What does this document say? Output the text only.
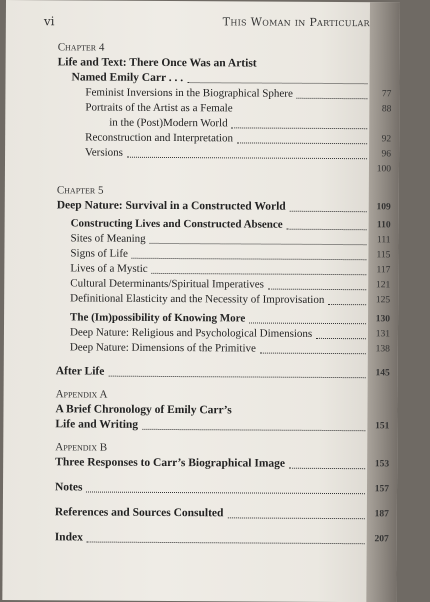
vi	This Woman in Particular
Chapter 4
Life and Text: There Once Was an Artist
Named Emily Carr . . .
Feminist Inversions in the Biographical Sphere	77
Portraits of the Artist as a Female	88
in the (Post)Modern World
Reconstruction and Interpretation	92
Versions	96
100
Chapter 5
Deep Nature: Survival in a Constructed World	109
Constructing Lives and Constructed Absence	110
Sites of Meaning	111
Signs of Life	115
Lives of a Mystic	117
Cultural Determinants/Spiritual Imperatives	121
Definitional Elasticity and the Necessity of Improvisation	125
The (Im)possibility of Knowing More	130
Deep Nature: Religious and Psychological Dimensions	131
Deep Nature: Dimensions of the Primitive	138
After Life	145
Appendix A
A Brief Chronology of Emily Carr’s
Life and Writing	151
Appendix B
Three Responses to Carr’s Biographical Image	153
Notes	157
References and Sources Consulted	187
Index	207
